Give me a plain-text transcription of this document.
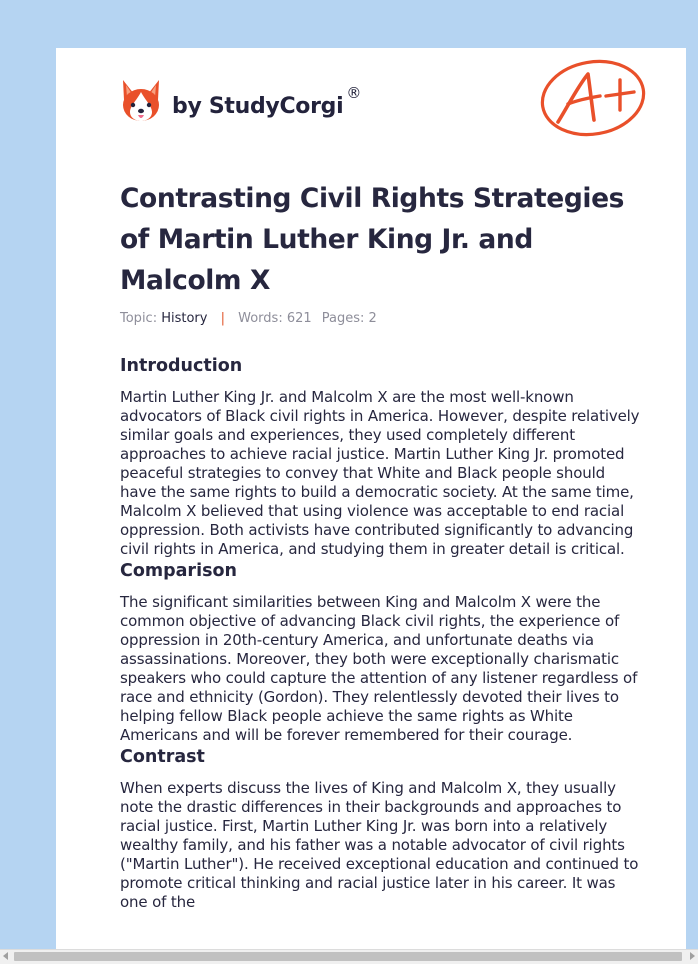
by StudyCorgi
®
Contrasting Civil Rights Strategies of Martin Luther King Jr. and Malcolm X
Topic: History | Words: 621 Pages: 2
Introduction

Martin Luther King Jr. and Malcolm X are the most well-known advocators of Black civil rights in America. However, despite relatively similar goals and experiences, they used completely different approaches to achieve racial justice. Martin Luther King Jr. promoted peaceful strategies to convey that White and Black people should have the same rights to build a democratic society. At the same time, Malcolm X believed that using violence was acceptable to end racial oppression. Both activists have contributed significantly to advancing civil rights in America, and studying them in greater detail is critical.

Comparison

The significant similarities between King and Malcolm X were the common objective of advancing Black civil rights, the experience of oppression in 20th-century America, and unfortunate deaths via assassinations. Moreover, they both were exceptionally charismatic speakers who could capture the attention of any listener regardless of race and ethnicity (Gordon). They relentlessly devoted their lives to helping fellow Black people achieve the same rights as White Americans and will be forever remembered for their courage.

Contrast

When experts discuss the lives of King and Malcolm X, they usually note the drastic differences in their backgrounds and approaches to racial justice. First, Martin Luther King Jr. was born into a relatively wealthy family, and his father was a notable advocator of civil rights ("Martin Luther"). He received exceptional education and continued to promote critical thinking and racial justice later in his career. It was one of the
